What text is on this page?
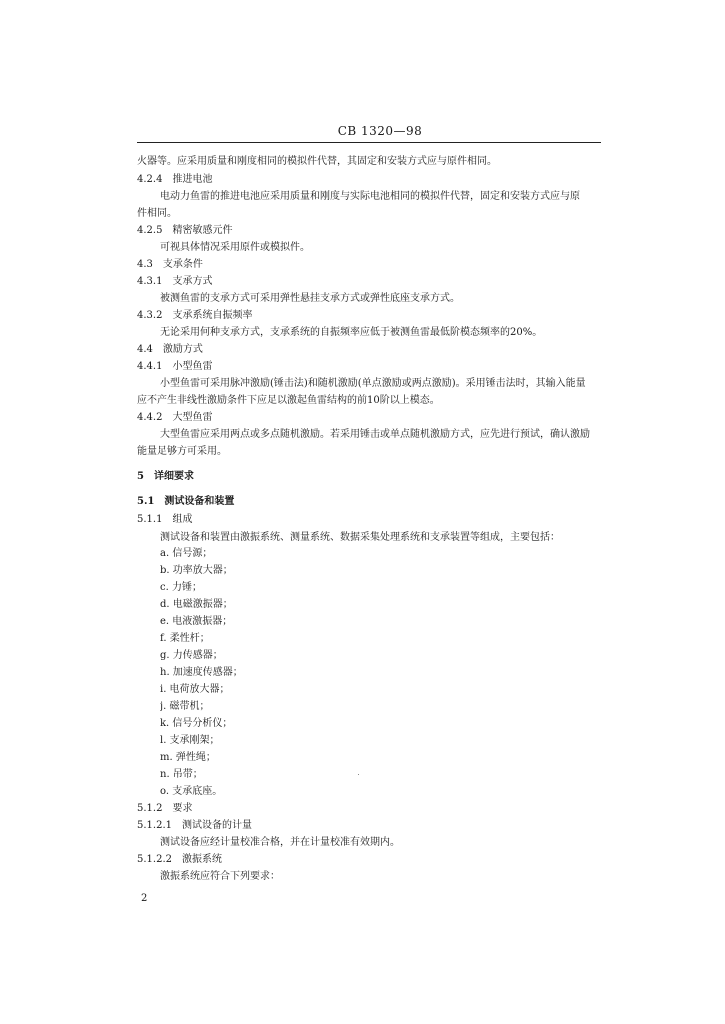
CB 1320—98
火器等。应采用质量和刚度相同的模拟件代替，其固定和安装方式应与原件相同。
4.2.4　推进电池
电动力鱼雷的推进电池应采用质量和刚度与实际电池相同的模拟件代替，固定和安装方式应与原
件相同。
4.2.5　精密敏感元件
可视具体情况采用原件或模拟件。
4.3　支承条件
4.3.1　支承方式
被测鱼雷的支承方式可采用弹性悬挂支承方式或弹性底座支承方式。
4.3.2　支承系统自振频率
无论采用何种支承方式，支承系统的自振频率应低于被测鱼雷最低阶模态频率的20%。
4.4　激励方式
4.4.1　小型鱼雷
小型鱼雷可采用脉冲激励(锤击法)和随机激励(单点激励或两点激励)。采用锤击法时，其输入能量
应不产生非线性激励条件下应足以激起鱼雷结构的前10阶以上模态。
4.4.2　大型鱼雷
大型鱼雷应采用两点或多点随机激励。若采用锤击或单点随机激励方式，应先进行预试，确认激励
能量足够方可采用。
5　详细要求
5.1　测试设备和装置
5.1.1　组成
测试设备和装置由激振系统、测量系统、数据采集处理系统和支承装置等组成，主要包括：
a. 信号源；
b. 功率放大器；
c. 力锤；
d. 电磁激振器；
e. 电液激振器；
f. 柔性杆；
g. 力传感器；
h. 加速度传感器；
i. 电荷放大器；
j. 磁带机；
k. 信号分析仪；
l. 支承刚架；
m. 弹性绳；
n. 吊带；
o. 支承底座。
5.1.2　要求
5.1.2.1　测试设备的计量
测试设备应经计量校准合格，并在计量校准有效期内。
5.1.2.2　激振系统
激振系统应符合下列要求：
2
